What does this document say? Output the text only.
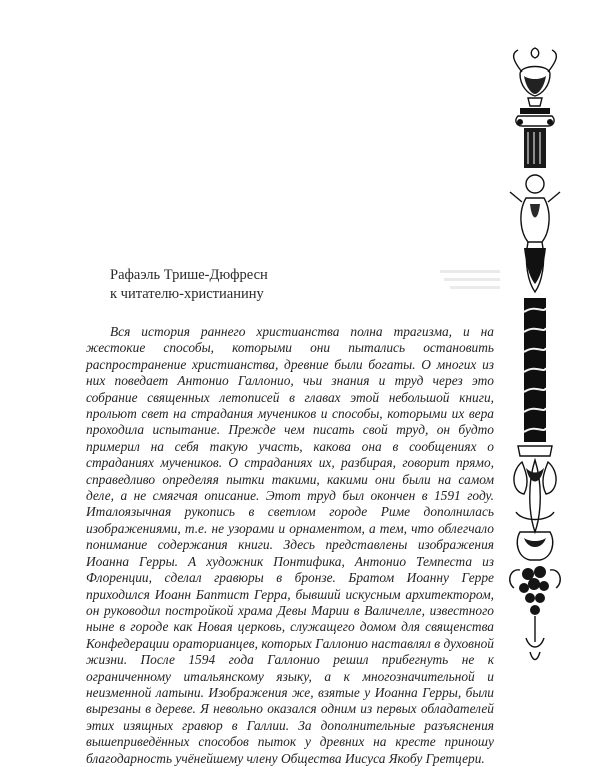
Рафаэль Трише-Дюфресн
к читателю-христианину

Вся история раннего христианства полна трагизма, и на жестокие способы, которыми они пытались остановить распространение христианства, древние были богаты. О многих из них поведает Антонио Галлонио, чьи знания и труд через это собрание священных летописей в главах этой небольшой книги, прольют свет на страдания мучеников и способы, которыми их вера проходила испытание. Прежде чем писать свой труд, он будто примерил на себя такую участь, какова она в сообщениях о страданиях мучеников. О страданиях их, разбирая, говорит прямо, справедливо определяя пытки такими, какими они были на самом деле, а не смягчая описание. Этот труд был окончен в 1591 году. Италоязычная рукопись в светлом городе Риме дополнилась изображениями, т.е. не узорами и орнаментом, а тем, что облегчало понимание содержания книги. Здесь представлены изображения Иоанна Герры. А художник Понтифика, Антонио Темпеста из Флоренции, сделал гравюры в бронзе. Братом Иоанну Герре приходился Иоанн Баптист Герра, бывший искусным архитектором, он руководил постройкой храма Девы Марии в Валичелле, известного ныне в городе как Новая церковь, служащего домом для священства Конфедерации ораторианцев, которых Галлонио наставлял в духовной жизни. После 1594 года Галлонио решил прибегнуть не к ограниченному итальянскому языку, а к многозначительной и неизменной латыни. Изображения же, взятые у Иоанна Герры, были вырезаны в дереве. Я невольно оказался одним из первых обладателей этих изящных гравюр в Галлии. За дополнительные разъяснения вышеприведённых способов пыток у древних на кресте приношу благодарность учёнейшему члену Общества Иисуса Якобу Гретцери.
